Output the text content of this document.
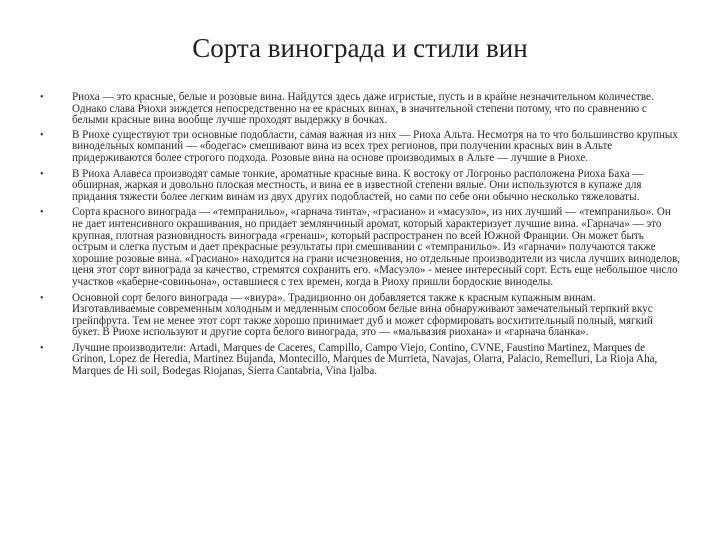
Сорта винограда и стили вин
•	Риоха — это красные, белые и розовые вина. Найдутся здесь даже игристые, пусть и в крайне незначительном количестве. Однако слава Риохи зиждется непосредственно на ее красных винах, в значительной степени потому, что по сравнению с белыми красные вина вообще лучше проходят выдержку в бочках.
•	В Риохе существуют три основные подобласти, самая важная из них — Риоха Альта. Несмотря на то что большинство крупных винодельных компаний — «бодегас» смешивают вина из всех трех регионов, при получении красных вин в Альте придерживаются более строгого подхода. Розовые вина на основе производимых в Альте — лучшие в Риохе.
•	В Риоха Алавеса производят самые тонкие, ароматные красные вина. К востоку от Логроньо расположена Риоха Баха — обширная, жаркая и довольно плоская местность, и вина ее в известной степени вялые. Они используются в купаже для придания тяжести более легким винам из двух других подобластей, но сами по себе они обычно несколько тяжеловаты.
•	Сорта красного винограда — «темпранильо», «гарнача тинта», «грасиано» и «масуэло», из них лучший — «темпранильо». Он не дает интенсивного окрашивания, но придает землянчиный аромат, который характеризует лучшие вина. «Гарнача» — это крупная, плотная разновидность винограда «гренаш», который распространен по всей Южной Франции. Он может быть острым и слегка пустым и дает прекрасные результаты при смешивании с «темпранильо». Из «гарначи» получаются также хорошие розовые вина. «Грасиано» находится на грани исчезновения, но отдельные производители из числа лучших виноделов, ценя этот сорт винограда за качество, стремятся сохранить его. «Масуэло» - менее интересный сорт. Есть еще небольшое число участков «каберне-совиньона», оставшиеся с тех времен, когда в Риоху пришли бордоские виноделы.
•	Основной сорт белого винограда — «виура». Традиционно он добавляется также к красным купажным винам. Изготавливаемые современным холодным и медленным способом белые вина обнаруживают замечательный терпкий вкус грейпфрута. Тем не менее этот сорт также хорошо принимает дуб и может сформировать восхитительный полный, мягкий букет. В Риохе используют и другие сорта белого винограда, это — «мальвазия риохана» и «гарнача бланка».
•	Лучшие производители: Artadi, Marques de Caceres, Campillo, Campo Viejo, Contino, CVNE, Faustino Martinez, Marques de Grinon, Lopez de Heredia, Martinez Bujanda, Montecillo, Marques de Murrieta, Navajas, Olarra, Palacio, Remelluri, La Rioja Aha, Marques de Hi soil, Bodegas Riojanas, Sierra Cantabria, Vina Ijalba.
